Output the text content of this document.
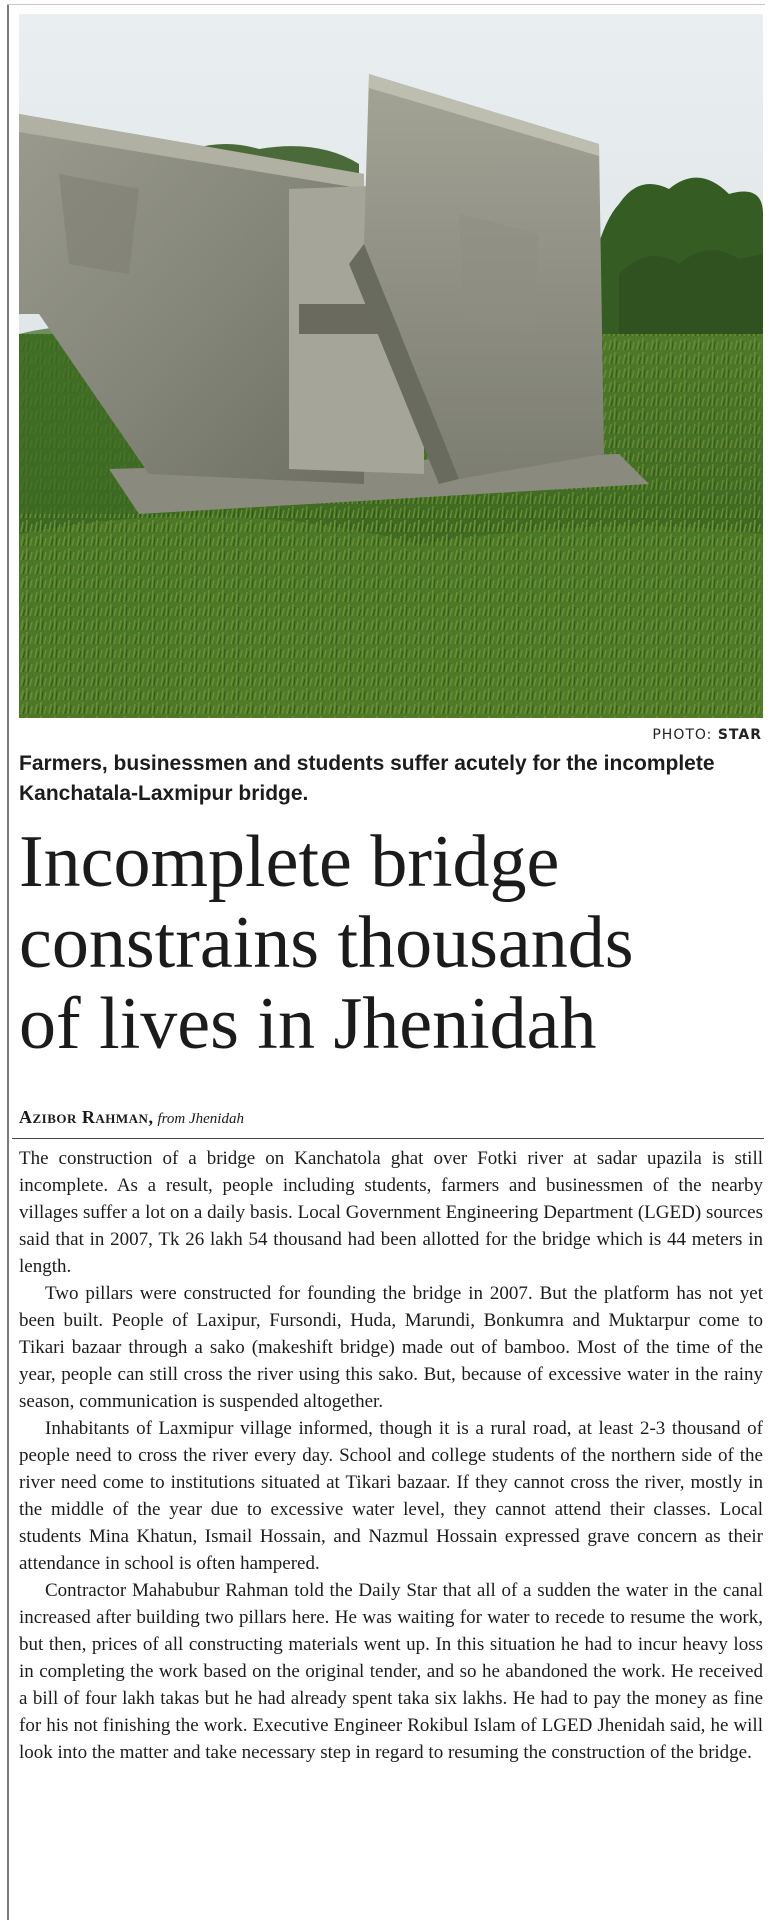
PHOTO: STAR
Farmers, businessmen and students suffer acutely for the incomplete Kanchatala-Laxmipur bridge.
Incomplete bridge
constrains thousands
of lives in Jhenidah
Azibor Rahman, from Jhenidah

The construction of a bridge on Kanchatola ghat over Fotki river at sadar upazila is still incomplete. As a result, people including students, farmers and businessmen of the nearby villages suffer a lot on a daily basis. Local Government Engineering Department (LGED) sources said that in 2007, Tk 26 lakh 54 thousand had been allotted for the bridge which is 44 meters in length.

Two pillars were constructed for founding the bridge in 2007. But the platform has not yet been built. People of Laxipur, Fursondi, Huda, Marundi, Bonkumra and Muktarpur come to Tikari bazaar through a sako (makeshift bridge) made out of bamboo. Most of the time of the year, people can still cross the river using this sako. But, because of excessive water in the rainy season, communication is suspended altogether.

Inhabitants of Laxmipur village informed, though it is a rural road, at least 2-3 thousand of people need to cross the river every day. School and college students of the northern side of the river need come to institutions situated at Tikari bazaar. If they cannot cross the river, mostly in the middle of the year due to excessive water level, they cannot attend their classes. Local students Mina Khatun, Ismail Hossain, and Nazmul Hossain expressed grave concern as their attendance in school is often hampered.

Contractor Mahabubur Rahman told the Daily Star that all of a sudden the water in the canal increased after building two pillars here. He was waiting for water to recede to resume the work, but then, prices of all constructing materials went up. In this situation he had to incur heavy loss in completing the work based on the original tender, and so he abandoned the work. He received a bill of four lakh takas but he had already spent taka six lakhs. He had to pay the money as fine for his not finishing the work. Executive Engineer Rokibul Islam of LGED Jhenidah said, he will look into the matter and take necessary step in regard to resuming the construction of the bridge.
